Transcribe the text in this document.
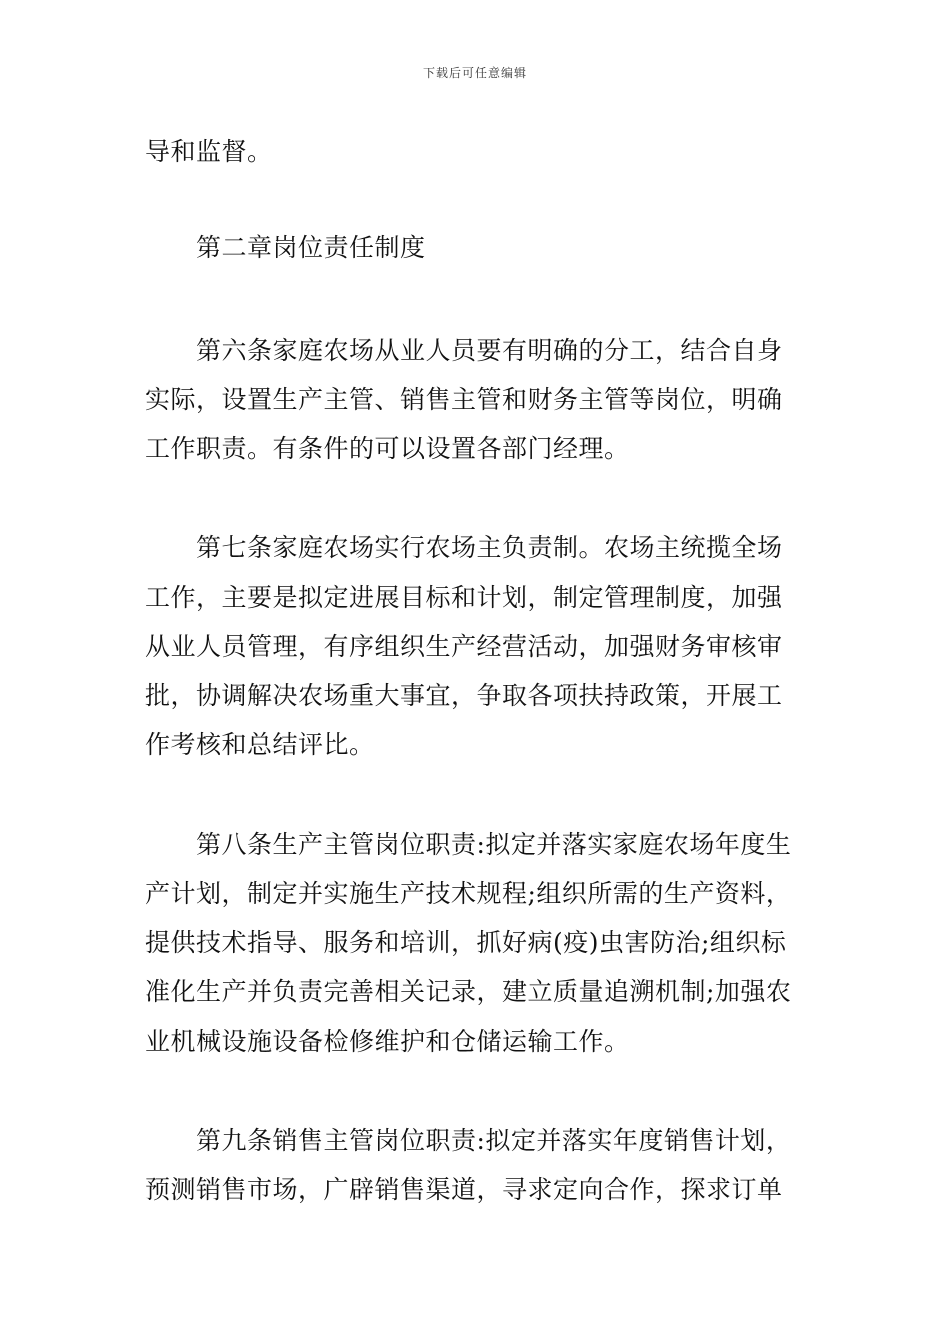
下载后可任意编辑
导和监督。
第二章岗位责任制度
第六条家庭农场从业人员要有明确的分工，结合自身
实际，设置生产主管、销售主管和财务主管等岗位，明确
工作职责。有条件的可以设置各部门经理。
第七条家庭农场实行农场主负责制。农场主统揽全场
工作，主要是拟定进展目标和计划，制定管理制度，加强
从业人员管理，有序组织生产经营活动，加强财务审核审
批，协调解决农场重大事宜，争取各项扶持政策，开展工
作考核和总结评比。
第八条生产主管岗位职责:拟定并落实家庭农场年度生
产计划，制定并实施生产技术规程;组织所需的生产资料，
提供技术指导、服务和培训，抓好病(疫)虫害防治;组织标
准化生产并负责完善相关记录，建立质量追溯机制;加强农
业机械设施设备检修维护和仓储运输工作。
第九条销售主管岗位职责:拟定并落实年度销售计划，
预测销售市场，广辟销售渠道，寻求定向合作，探求订单
